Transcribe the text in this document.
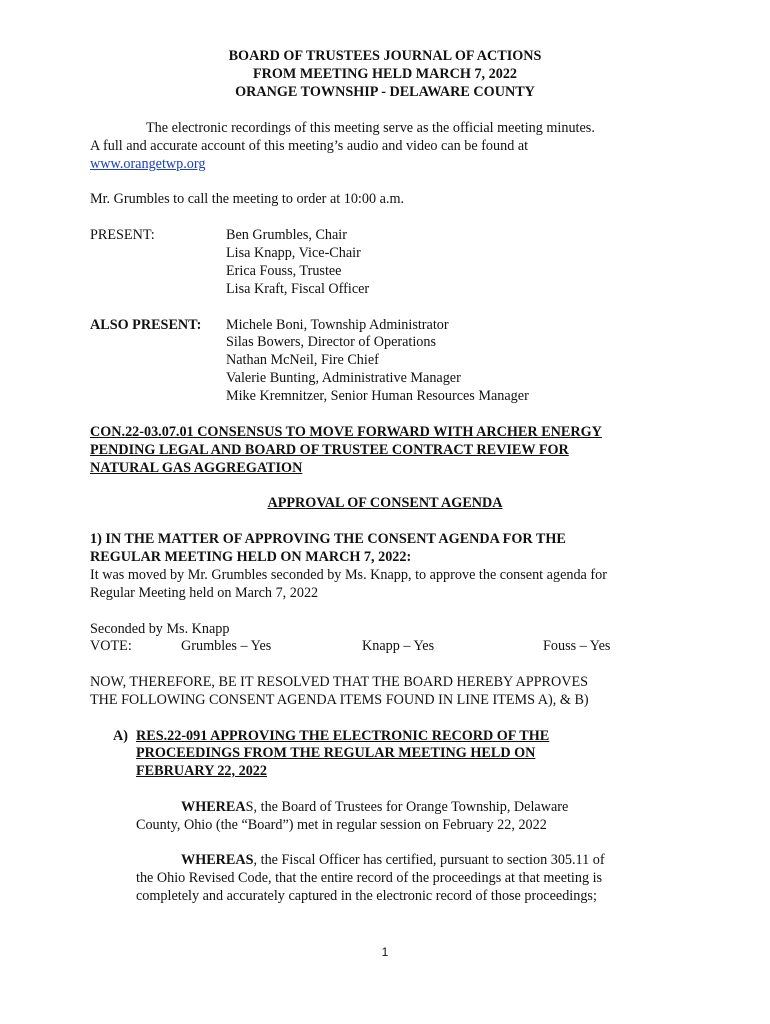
BOARD OF TRUSTEES JOURNAL OF ACTIONS
FROM MEETING HELD MARCH 7, 2022
ORANGE TOWNSHIP - DELAWARE COUNTY
The electronic recordings of this meeting serve as the official meeting minutes.
A full and accurate account of this meeting’s audio and video can be found at
www.orangetwp.org
Mr. Grumbles to call the meeting to order at 10:00 a.m.
PRESENT:	Ben Grumbles, Chair
Lisa Knapp, Vice-Chair
Erica Fouss, Trustee
Lisa Kraft, Fiscal Officer
ALSO PRESENT: Michele Boni, Township Administrator
Silas Bowers, Director of Operations
Nathan McNeil, Fire Chief
Valerie Bunting, Administrative Manager
Mike Kremnitzer, Senior Human Resources Manager
CON.22-03.07.01 CONSENSUS TO MOVE FORWARD WITH ARCHER ENERGY
PENDING LEGAL AND BOARD OF TRUSTEE CONTRACT REVIEW FOR
NATURAL GAS AGGREGATION
APPROVAL OF CONSENT AGENDA
1) IN THE MATTER OF APPROVING THE CONSENT AGENDA FOR THE
REGULAR MEETING HELD ON MARCH 7, 2022:
It was moved by Mr. Grumbles seconded by Ms. Knapp, to approve the consent agenda for
Regular Meeting held on March 7, 2022
Seconded by Ms. Knapp
VOTE:	Grumbles – Yes	Knapp – Yes	Fouss – Yes
NOW, THEREFORE, BE IT RESOLVED THAT THE BOARD HEREBY APPROVES
THE FOLLOWING CONSENT AGENDA ITEMS FOUND IN LINE ITEMS A), & B)
A) RES.22-091 APPROVING THE ELECTRONIC RECORD OF THE
PROCEEDINGS FROM THE REGULAR MEETING HELD ON
FEBRUARY 22, 2022
WHEREAS, the Board of Trustees for Orange Township, Delaware
County, Ohio (the “Board”) met in regular session on February 22, 2022
WHEREAS, the Fiscal Officer has certified, pursuant to section 305.11 of
the Ohio Revised Code, that the entire record of the proceedings at that meeting is
completely and accurately captured in the electronic record of those proceedings;
1
